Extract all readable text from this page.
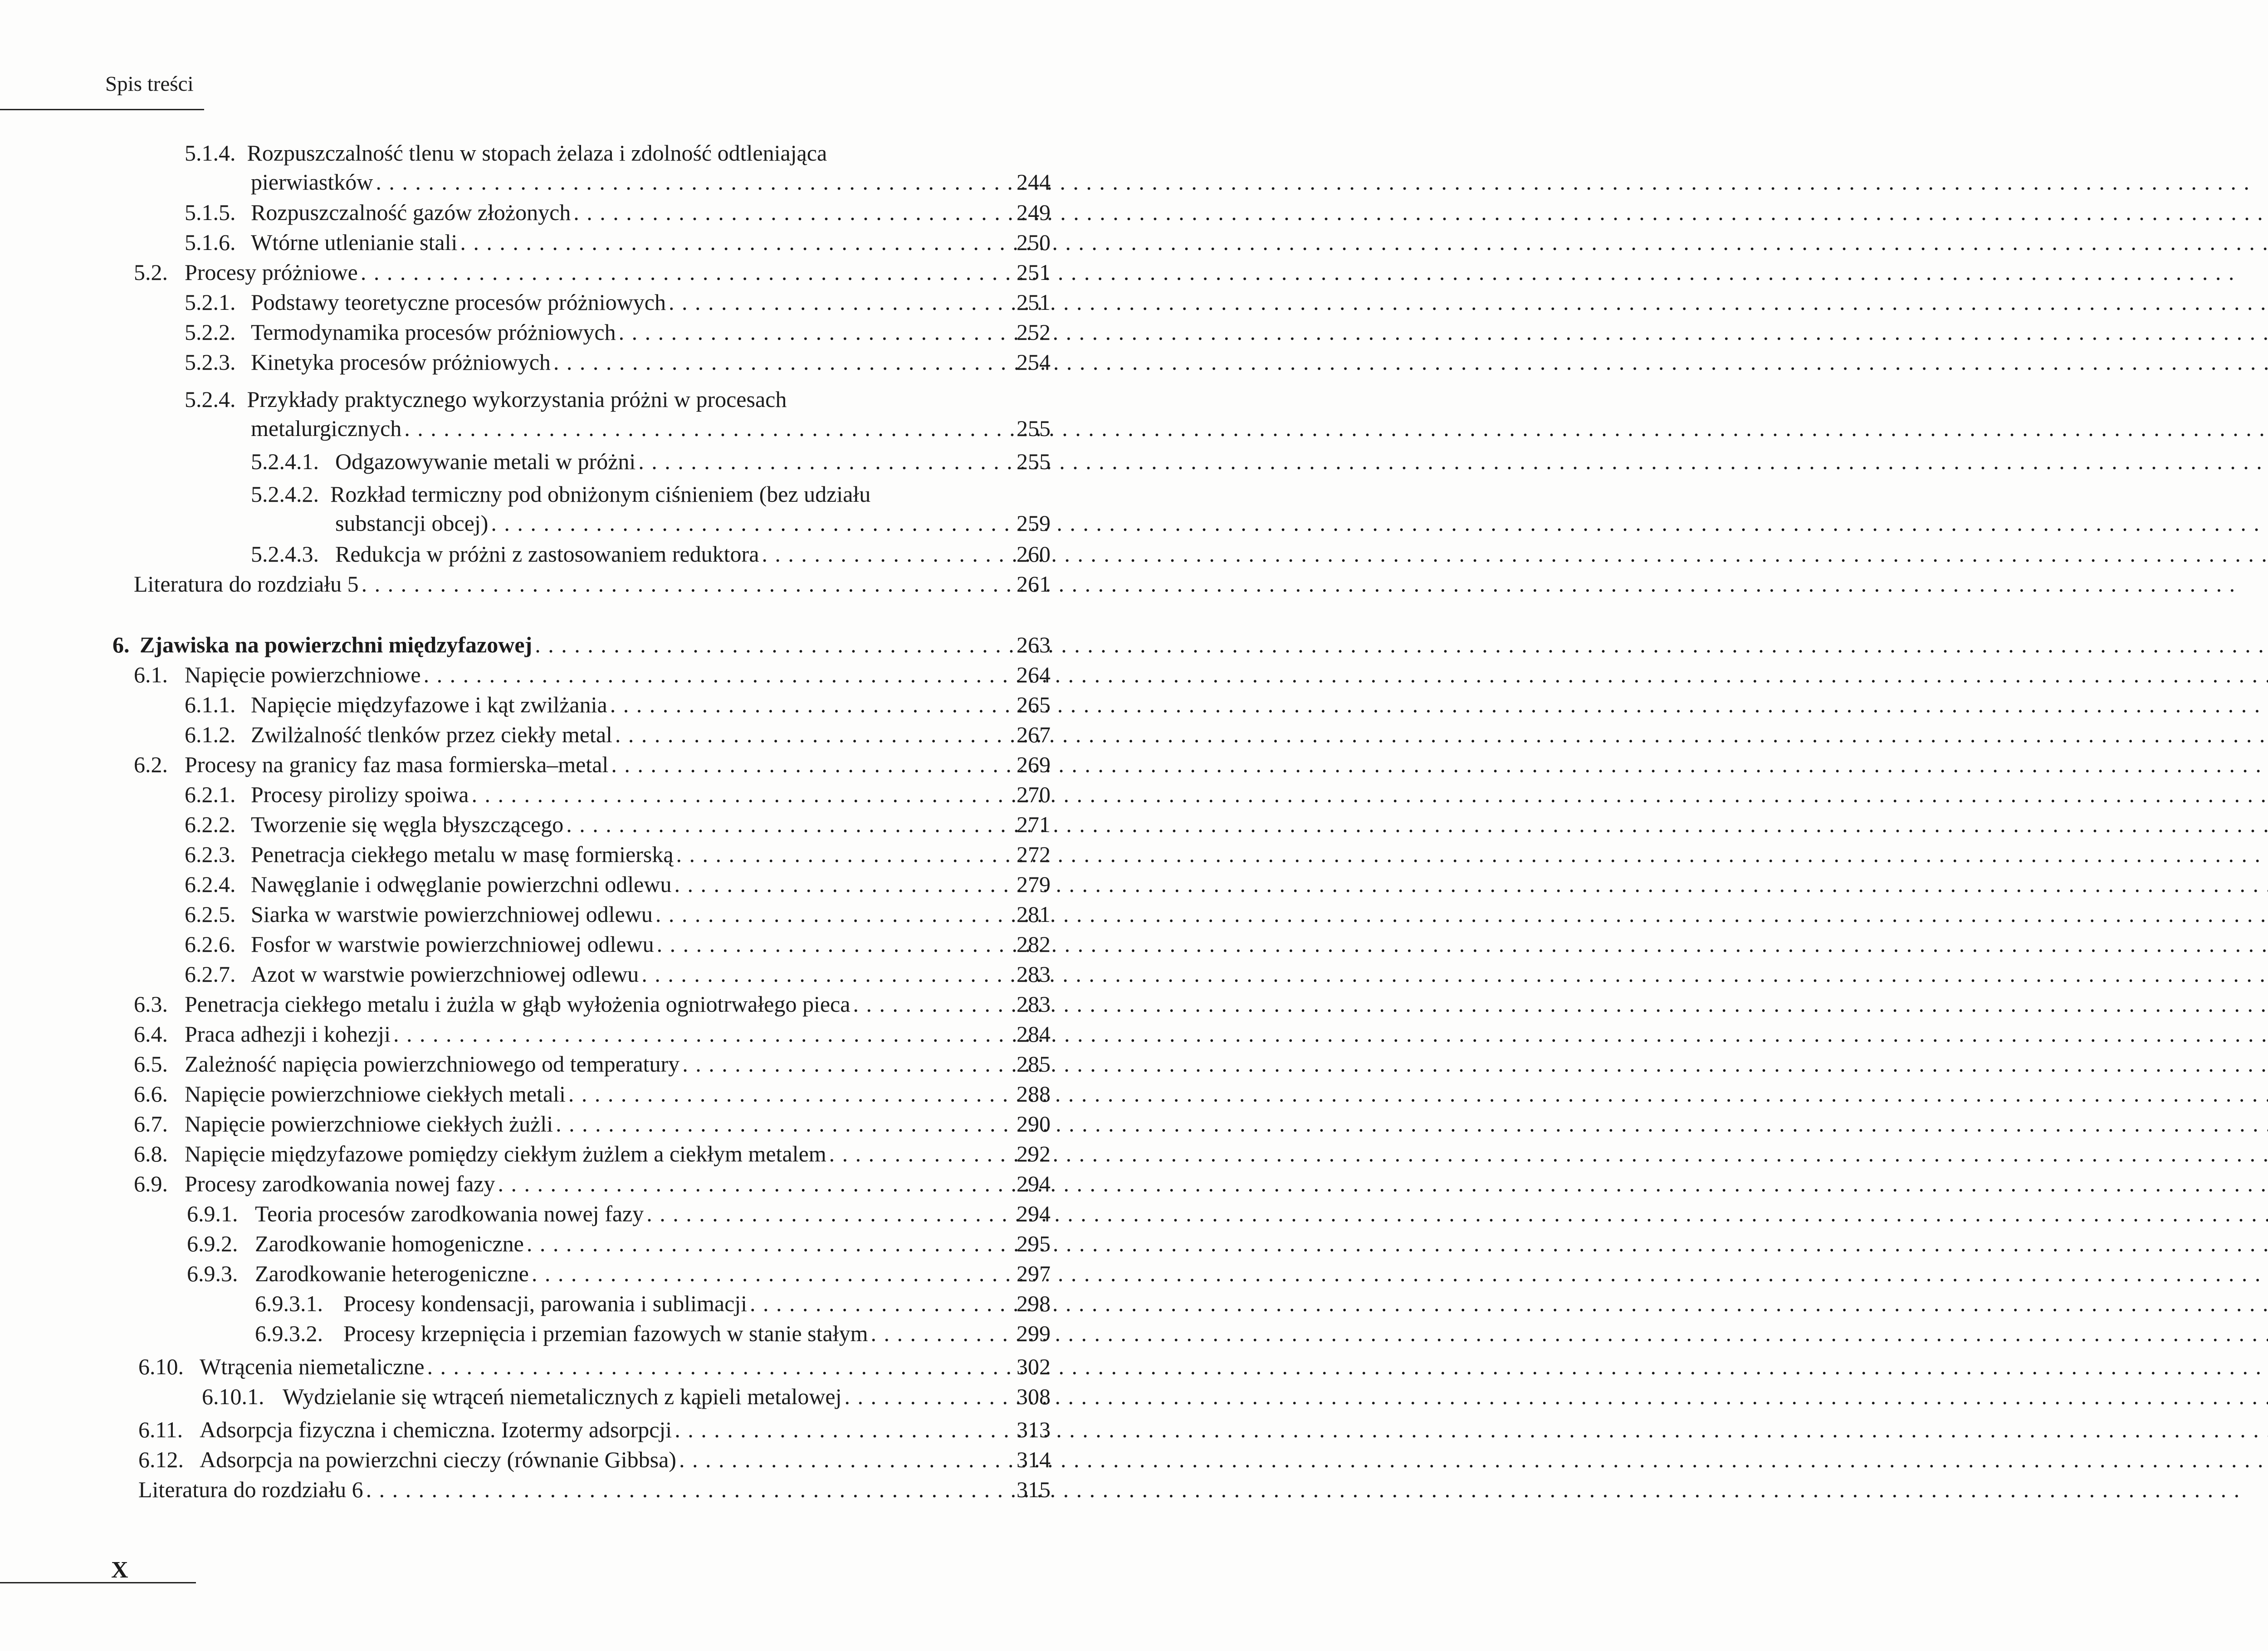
Spis treści
5.1.4. Rozpuszczalność tlenu w stopach żelaza i zdolność odtleniająca
pierwiastków . . .	244
5.1.5. Rozpuszczalność gazów złożonych . . .	249
5.1.6. Wtórne utlenianie stali . . .	250
5.2. Procesy próżniowe . . .	251
5.2.1. Podstawy teoretyczne procesów próżniowych . . .	251
5.2.2. Termodynamika procesów próżniowych . . .	252
5.2.3. Kinetyka procesów próżniowych . . .	254
5.2.4. Przykłady praktycznego wykorzystania próżni w procesach
metalurgicznych . . .	255
5.2.4.1. Odgazowywanie metali w próżni . . .	255
5.2.4.2. Rozkład termiczny pod obniżonym ciśnieniem (bez udziału
substancji obcej) . . .	259
5.2.4.3. Redukcja w próżni z zastosowaniem reduktora . . .	260
Literatura do rozdziału 5 . . .	261
6. Zjawiska na powierzchni międzyfazowej . . .	263
6.1. Napięcie powierzchniowe . . .	264
6.1.1. Napięcie międzyfazowe i kąt zwilżania . . .	265
6.1.2. Zwilżalność tlenków przez ciekły metal . . .	267
6.2. Procesy na granicy faz masa formierska–metal . . .	269
6.2.1. Procesy pirolizy spoiwa . . .	270
6.2.2. Tworzenie się węgla błyszczącego . . .	271
6.2.3. Penetracja ciekłego metalu w masę formierską . . .	272
6.2.4. Nawęglanie i odwęglanie powierzchni odlewu . . .	279
6.2.5. Siarka w warstwie powierzchniowej odlewu . . .	281
6.2.6. Fosfor w warstwie powierzchniowej odlewu . . .	282
6.2.7. Azot w warstwie powierzchniowej odlewu . . .	283
6.3. Penetracja ciekłego metalu i żużla w głąb wyłożenia ogniotrwałego pieca . . .	283
6.4. Praca adhezji i kohezji . . .	284
6.5. Zależność napięcia powierzchniowego od temperatury . . .	285
6.6. Napięcie powierzchniowe ciekłych metali . . .	288
6.7. Napięcie powierzchniowe ciekłych żużli . . .	290
6.8. Napięcie międzyfazowe pomiędzy ciekłym żużlem a ciekłym metalem . . .	292
6.9. Procesy zarodkowania nowej fazy . . .	294
6.9.1. Teoria procesów zarodkowania nowej fazy . . .	294
6.9.2. Zarodkowanie homogeniczne . . .	295
6.9.3. Zarodkowanie heterogeniczne . . .	297
6.9.3.1. Procesy kondensacji, parowania i sublimacji . . .	298
6.9.3.2. Procesy krzepnięcia i przemian fazowych w stanie stałym . . .	299
6.10. Wtrącenia niemetaliczne . . .	302
6.10.1. Wydzielanie się wtrąceń niemetalicznych z kąpieli metalowej . . .	308
6.11. Adsorpcja fizyczna i chemiczna. Izotermy adsorpcji . . .	313
6.12. Adsorpcja na powierzchni cieczy (równanie Gibbsa) . . .	314
Literatura do rozdziału 6 . . .	315
X
